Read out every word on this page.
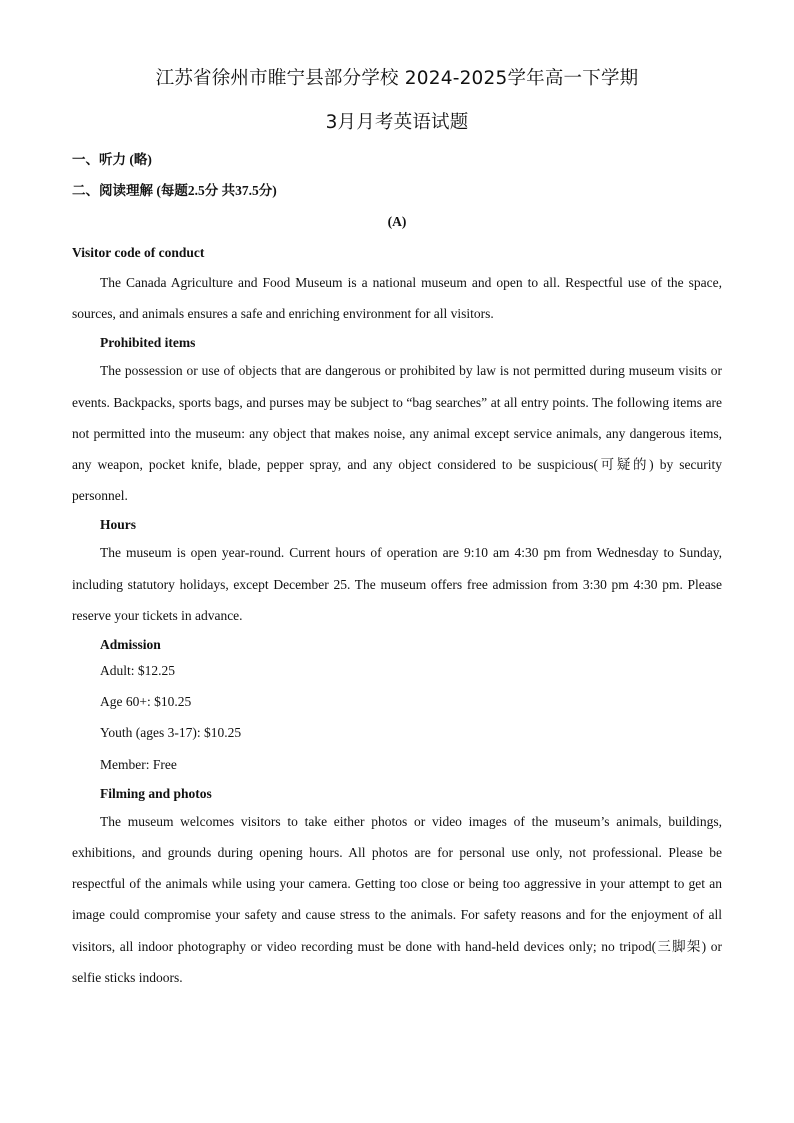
江苏省徐州市睢宁县部分学校 2024-2025学年高一下学期
3月月考英语试题
一、听力 (略)
二、阅读理解 (每题2.5分 共37.5分)
(A)
Visitor code of conduct

The Canada Agriculture and Food Museum is a national museum and open to all. Respectful use of the space, sources, and animals ensures a safe and enriching environment for all visitors.

Prohibited items

The possession or use of objects that are dangerous or prohibited by law is not permitted during museum visits or events. Backpacks, sports bags, and purses may be subject to “bag searches” at all entry points. The following items are not permitted into the museum: any object that makes noise, any animal except service animals, any dangerous items, any weapon, pocket knife, blade, pepper spray, and any object considered to be suspicious(可疑的) by security personnel.

Hours

The museum is open year-round. Current hours of operation are 9:10 am 4:30 pm from Wednesday to Sunday, including statutory holidays, except December 25. The museum offers free admission from 3:30 pm 4:30 pm. Please reserve your tickets in advance.

Admission
Adult: $12.25
Age 60+: $10.25
Youth (ages 3-17): $10.25
Member: Free
Filming and photos

The museum welcomes visitors to take either photos or video images of the museum’s animals, buildings, exhibitions, and grounds during opening hours. All photos are for personal use only, not professional. Please be respectful of the animals while using your camera. Getting too close or being too aggressive in your attempt to get an image could compromise your safety and cause stress to the animals. For safety reasons and for the enjoyment of all visitors, all indoor photography or video recording must be done with hand-held devices only; no tripod(三脚架) or selfie sticks indoors.
